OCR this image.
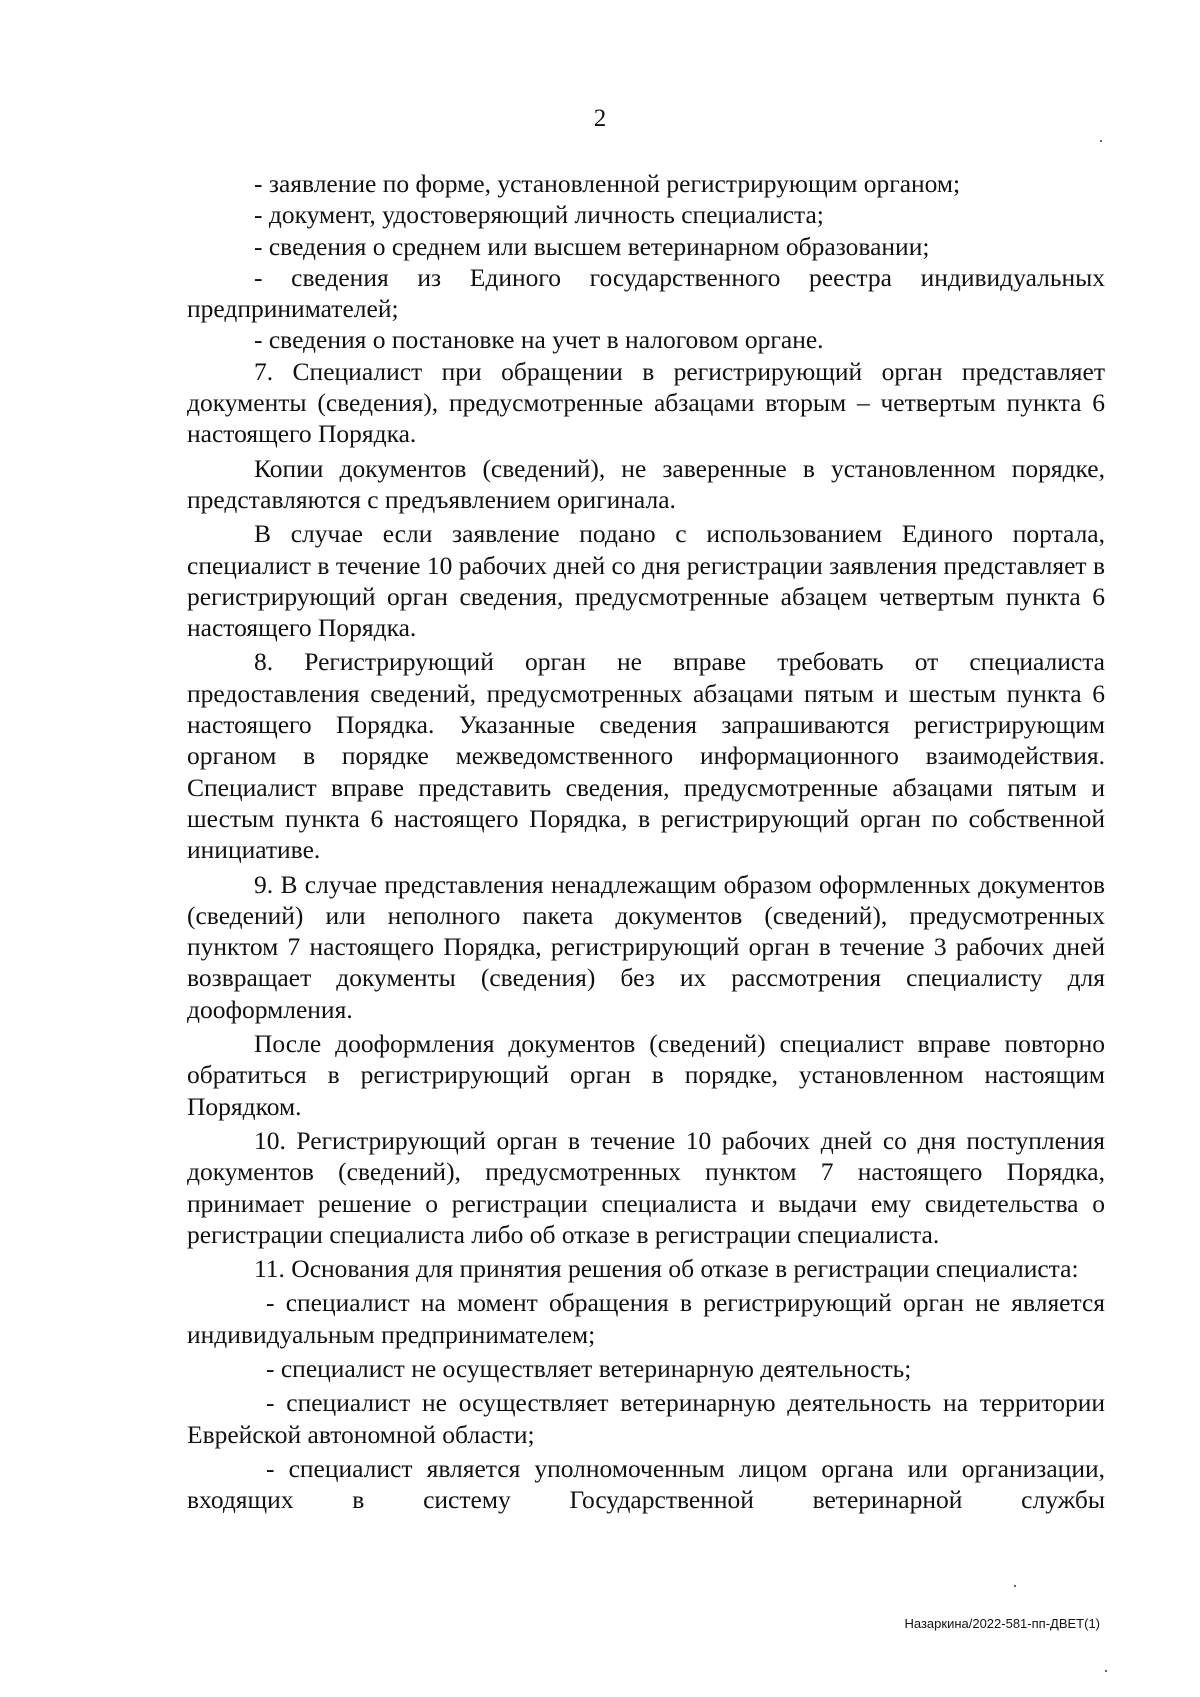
2

- заявление по форме, установленной регистрирующим органом;

- документ, удостоверяющий личность специалиста;

- сведения о среднем или высшем ветеринарном образовании;

- сведения из Единого государственного реестра индивидуальных предпринимателей;

- сведения о постановке на учет в налоговом органе.

7. Специалист при обращении в регистрирующий орган представляет документы (сведения), предусмотренные абзацами вторым – четвертым пункта 6 настоящего Порядка.

Копии документов (сведений), не заверенные в установленном порядке, представляются с предъявлением оригинала.

В случае если заявление подано с использованием Единого портала, специалист в течение 10 рабочих дней со дня регистрации заявления представляет в регистрирующий орган сведения, предусмотренные абзацем четвертым пункта 6 настоящего Порядка.

8. Регистрирующий орган не вправе требовать от специалиста предоставления сведений, предусмотренных абзацами пятым и шестым пункта 6 настоящего Порядка. Указанные сведения запрашиваются регистрирующим органом в порядке межведомственного информационного взаимодействия. Специалист вправе представить сведения, предусмотренные абзацами пятым и шестым пункта 6 настоящего Порядка, в регистрирующий орган по собственной инициативе.

9. В случае представления ненадлежащим образом оформленных документов (сведений) или неполного пакета документов (сведений), предусмотренных пунктом 7 настоящего Порядка, регистрирующий орган в течение 3 рабочих дней возвращает документы (сведения) без их рассмотрения специалисту для дооформления.

После дооформления документов (сведений) специалист вправе повторно обратиться в регистрирующий орган в порядке, установленном настоящим Порядком.

10. Регистрирующий орган в течение 10 рабочих дней со дня поступления документов (сведений), предусмотренных пунктом 7 настоящего Порядка, принимает решение о регистрации специалиста и выдачи ему свидетельства о регистрации специалиста либо об отказе в регистрации специалиста.

11. Основания для принятия решения об отказе в регистрации специалиста:

- специалист на момент обращения в регистрирующий орган не является индивидуальным предпринимателем;

- специалист не осуществляет ветеринарную деятельность;

- специалист не осуществляет ветеринарную деятельность на территории Еврейской автономной области;

- специалист является уполномоченным лицом органа или организации, входящих в систему Государственной ветеринарной службы

Назаркина/2022-581-пп-ДВЕТ(1)
